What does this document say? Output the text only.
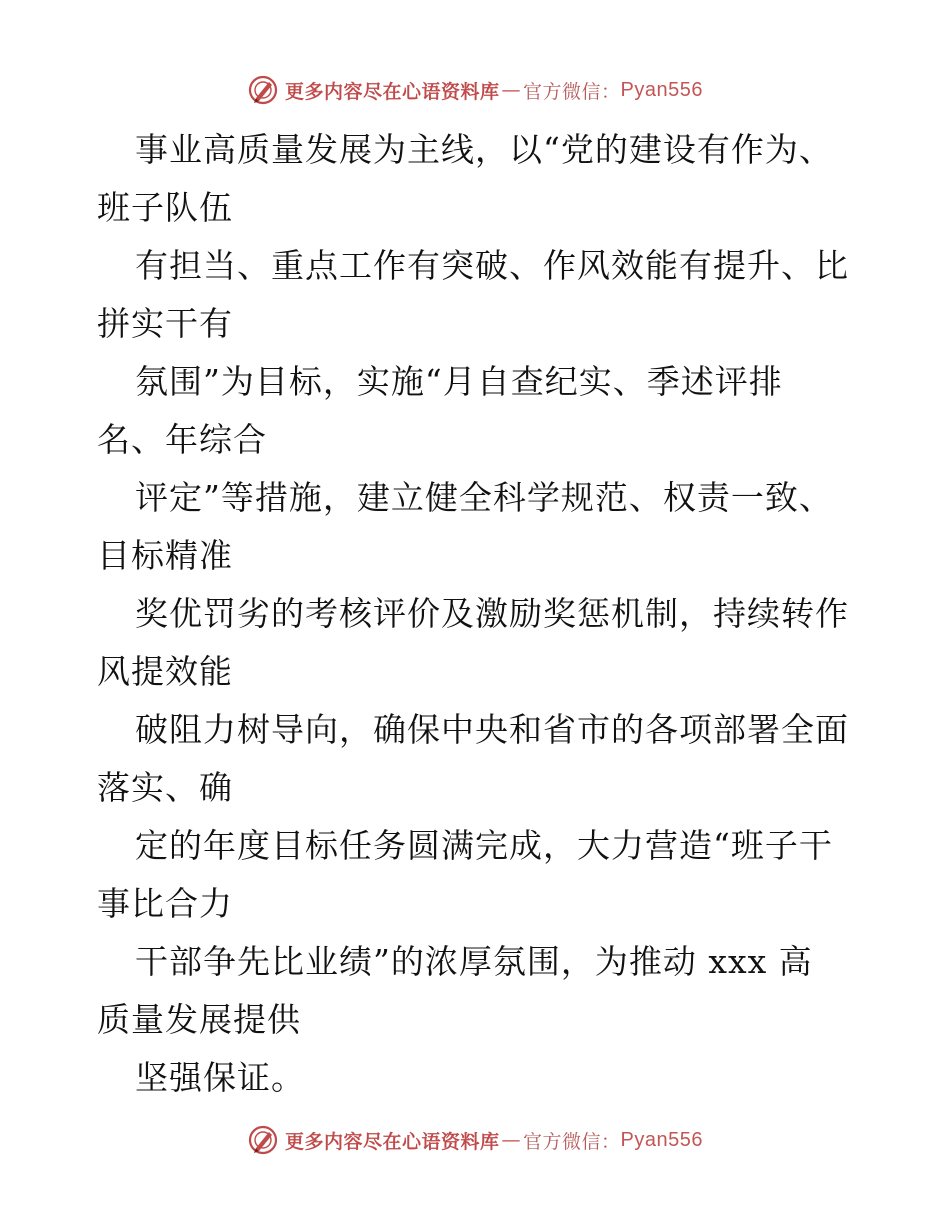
更多内容尽在心语资料库 — 官方微信： Pyan556
事业高质量发展为主线，以“党的建设有作为、
班子队伍
有担当、重点工作有突破、作风效能有提升、比
拼实干有
氛围”为目标，实施“月自查纪实、季述评排
名、年综合
评定”等措施，建立健全科学规范、权责一致、
目标精准
奖优罚劣的考核评价及激励奖惩机制，持续转作
风提效能
破阻力树导向，确保中央和省市的各项部署全面
落实、确
定的年度目标任务圆满完成，大力营造“班子干
事比合力
干部争先比业绩”的浓厚氛围，为推动 xxx 高
质量发展提供
坚强保证。
更多内容尽在心语资料库 — 官方微信： Pyan556
